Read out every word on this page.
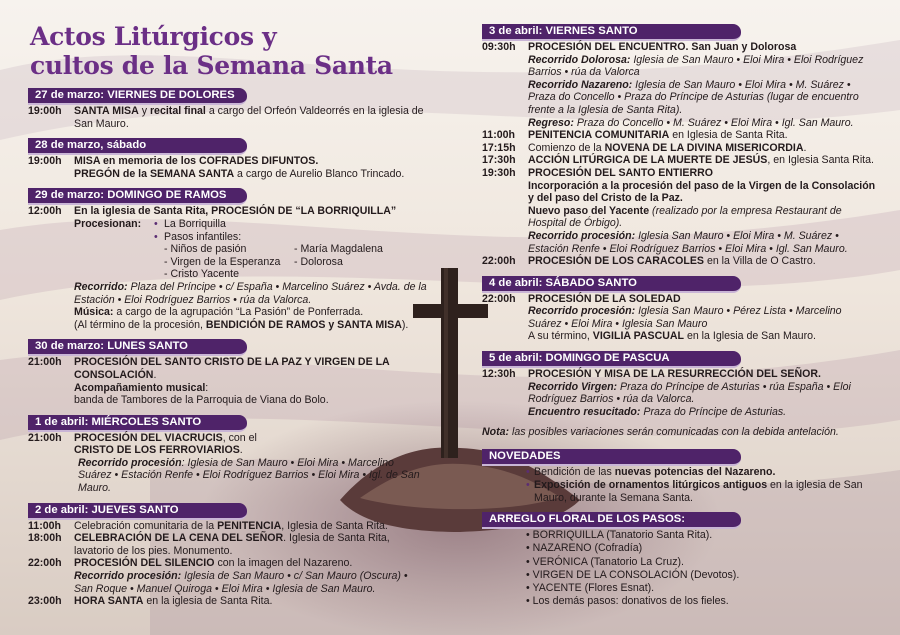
Actos Litúrgicos y
cultos de la Semana Santa
27 de marzo: VIERNES DE DOLORES
19:00h	SANTA MISA y recital final a cargo del Orfeón Valdeorrés en la iglesia de San Mauro.
28 de marzo, sábado
19:00h	MISA en memoria de los COFRADES DIFUNTOS.
PREGÓN de la SEMANA SANTA a cargo de Aurelio Blanco Trincado.
29 de marzo: DOMINGO DE RAMOS
12:00h	En la iglesia de Santa Rita, PROCESIÓN DE “LA BORRIQUILLA”
Procesionan:
•	La Borriquilla
• Pasos infantiles:
- Niños de pasión	- María Magdalena
- Virgen de la Esperanza	- Dolorosa
- Cristo Yacente
Recorrido: Plaza del Príncipe • c/ España • Marcelino Suárez • Avda. de la Estación • Eloi Rodríguez Barrios • rúa da Valorca.
Música: a cargo de la agrupación “La Pasión” de Ponferrada.
(Al término de la procesión, BENDICIÓN DE RAMOS y SANTA MISA).
30 de marzo: LUNES SANTO
21:00h	PROCESIÓN DEL SANTO CRISTO DE LA PAZ Y VIRGEN DE LA CONSOLACIÓN.
Acompañamiento musical:
banda de Tambores de la Parroquia de Viana do Bolo.
1 de abril: MIÉRCOLES SANTO
21:00h	PROCESIÓN DEL VIACRUCIS, con el
CRISTO DE LOS FERROVIARIOS.
Recorrido procesión: Iglesia de San Mauro • Eloi Mira • Marcelino Suárez • Estación Renfe • Eloi Rodríguez Barrios • Eloi Mira • Igl. de San Mauro.
2 de abril: JUEVES SANTO
11:00h	Celebración comunitaria de la PENITENCIA, Iglesia de Santa Rita.
18:00h	CELEBRACIÓN DE LA CENA DEL SEÑOR. Iglesia de Santa Rita, lavatorio de los pies. Monumento.
22:00h	PROCESIÓN DEL SILENCIO con la imagen del Nazareno.
Recorrido procesión: Iglesia de San Mauro • c/ San Mauro (Oscura) • San Roque • Manuel Quiroga • Eloi Mira • Iglesia de San Mauro.
23:00h	HORA SANTA en la iglesia de Santa Rita.
3 de abril: VIERNES SANTO
09:30h	PROCESIÓN DEL ENCUENTRO. San Juan y Dolorosa
Recorrido Dolorosa: Iglesia de San Mauro • Eloi Mira • Eloi Rodríguez Barrios • rúa da Valorca
Recorrido Nazareno: Iglesia de San Mauro • Eloi Mira • M. Suárez • Praza do Concello • Praza do Príncipe de Asturias (lugar de encuentro frente a la Iglesia de Santa Rita).
Regreso: Praza do Concello • M. Suárez • Eloi Mira • Igl. San Mauro.
11:00h	PENITENCIA COMUNITARIA en Iglesia de Santa Rita.
17:15h	Comienzo de la NOVENA DE LA DIVINA MISERICORDIA.
17:30h	ACCIÓN LITÚRGICA DE LA MUERTE DE JESÚS, en Iglesia Santa Rita.
19:30h	PROCESIÓN DEL SANTO ENTIERRO
Incorporación a la procesión del paso de la Virgen de la Consolación y del paso del Cristo de la Paz.
Nuevo paso del Yacente (realizado por la empresa Restaurant de Hospital de Órbigo).
Recorrido procesión: Iglesia San Mauro • Eloi Mira • M. Suárez • Estación Renfe • Eloi Rodríguez Barrios • Eloi Mira • Igl. San Mauro.
22:00h	PROCESIÓN DE LOS CARACOLES en la Villa de O Castro.
4 de abril: SÁBADO SANTO
22:00h	PROCESIÓN DE LA SOLEDAD
Recorrido procesión: Iglesia San Mauro • Pérez Lista • Marcelino Suárez • Eloi Mira • Iglesia San Mauro
A su término, VIGILIA PASCUAL en la Iglesia de San Mauro.
5 de abril: DOMINGO DE PASCUA
12:30h	PROCESIÓN Y MISA DE LA RESURRECCIÓN DEL SEÑOR.
Recorrido Virgen: Praza do Príncipe de Asturias • rúa España • Eloi Rodríguez Barrios • rúa da Valorca.
Encuentro resucitado: Praza do Príncipe de Asturias.
Nota: las posibles variaciones serán comunicadas con la debida antelación.
NOVEDADES
• Bendición de las nuevas potencias del Nazareno.
• Exposición de ornamentos litúrgicos antiguos en la iglesia de San Mauro, durante la Semana Santa.
ARREGLO FLORAL DE LOS PASOS:
• BORRIQUILLA (Tanatorio Santa Rita).
• NAZARENO (Cofradía)
• VERÓNICA (Tanatorio La Cruz).
• VIRGEN DE LA CONSOLACIÓN (Devotos).
• YACENTE (Flores Esnat).
• Los demás pasos: donativos de los fieles.
